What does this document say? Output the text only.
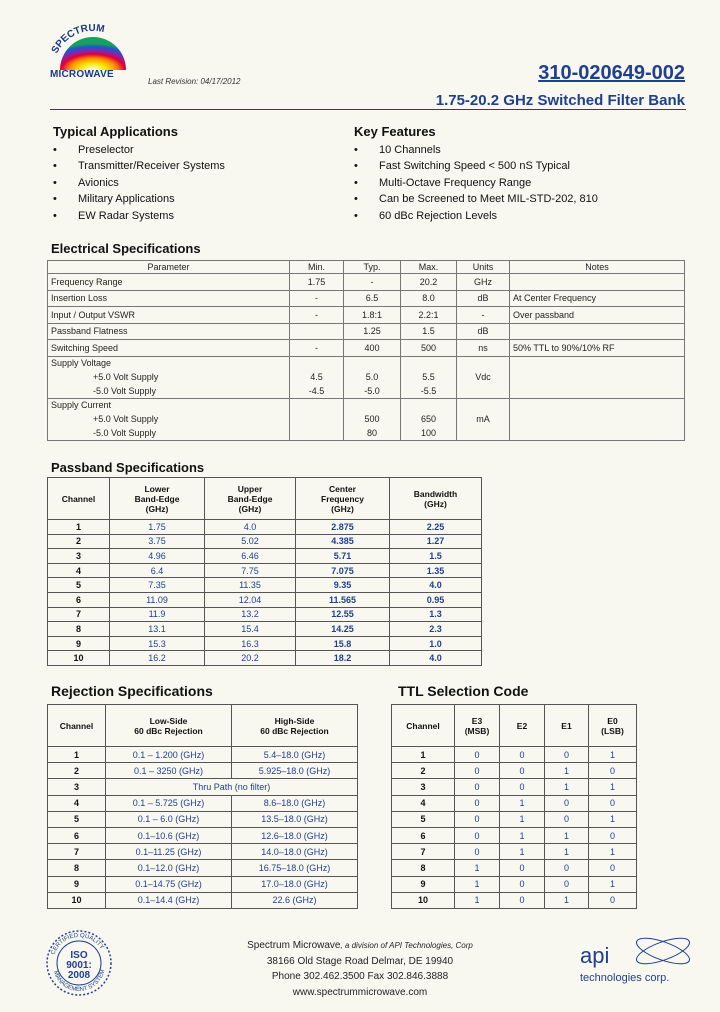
SPECTRUM
MICROWAVE
Last Revision: 04/17/2012	310-020649-002
1.75-20.2 GHz Switched Filter Bank
Typical Applications
• Preselector
• Transmitter/Receiver Systems
• Avionics
• Military Applications
• EW Radar Systems
Key Features
• 10 Channels
• Fast Switching Speed < 500 nS Typical
• Multi-Octave Frequency Range
• Can be Screened to Meet MIL-STD-202, 810
• 60 dBc Rejection Levels
Electrical Specifications
Parameter	Min.	Typ.	Max.	Units	Notes
Frequency Range	1.75	-	20.2	GHz	
Insertion Loss	-	6.5	8.0	dB	At Center Frequency
Input / Output VSWR	-	1.8:1	2.2:1	-	Over passband
Passband Flatness		1.25	1.5	dB	
Switching Speed	-	400	500	ns	50% TTL to 90%/10% RF
Supply Voltage					
+5.0 Volt Supply	4.5	5.0	5.5	Vdc	
-5.0 Volt Supply	-4.5	-5.0	-5.5		
Supply Current					
+5.0 Volt Supply		500	650	mA	
-5.0 Volt Supply		80	100		
Passband Specifications
Channel	Lower
Band-Edge
(GHz)	Upper
Band-Edge
(GHz)	Center
Frequency
(GHz)	Bandwidth
(GHz)
1	1.75	4.0	2.875	2.25
2	3.75	5.02	4.385	1.27
3	4.96	6.46	5.71	1.5
4	6.4	7.75	7.075	1.35
5	7.35	11.35	9.35	4.0
6	11.09	12.04	11.565	0.95
7	11.9	13.2	12.55	1.3
8	13.1	15.4	14.25	2.3
9	15.3	16.3	15.8	1.0
10	16.2	20.2	18.2	4.0
Rejection Specifications
Channel	Low-Side
60 dBc Rejection	High-Side
60 dBc Rejection
1	0.1 – 1.200 (GHz)	5.4–18.0 (GHz)
2	0.1 – 3250 (GHz)	5.925–18.0 (GHz)
3	Thru Path (no filter)	
4	0.1 – 5.725 (GHz)	8.6–18.0 (GHz)
5	0.1 – 6.0 (GHz)	13.5–18.0 (GHz)
6	0.1–10.6 (GHz)	12.6–18.0 (GHz)
7	0.1–11.25 (GHz)	14.0–18.0 (GHz)
8	0.1–12.0 (GHz)	16.75–18.0 (GHz)
9	0.1–14.75 (GHz)	17.0–18.0 (GHz)
10	0.1–14.4 (GHz)	22.6 (GHz)
TTL Selection Code
Channel	E3
(MSB)	E2	E1	E0
(LSB)
1	0	0	0	1
2	0	0	1	0
3	0	0	1	1
4	0	1	0	0
5	0	1	0	1
6	0	1	1	0
7	0	1	1	1
8	1	0	0	0
9	1	0	0	1
10	1	0	1	0
CERTIFIED QUALITY
MANAGEMENT SYSTEM
ISO
9001:
2008
Spectrum Microwave, a division of API Technologies, Corp
38166 Old Stage Road Delmar, DE 19940
Phone 302.462.3500 Fax 302.846.3888
www.spectrummicrowave.com
api
technologies corp.
